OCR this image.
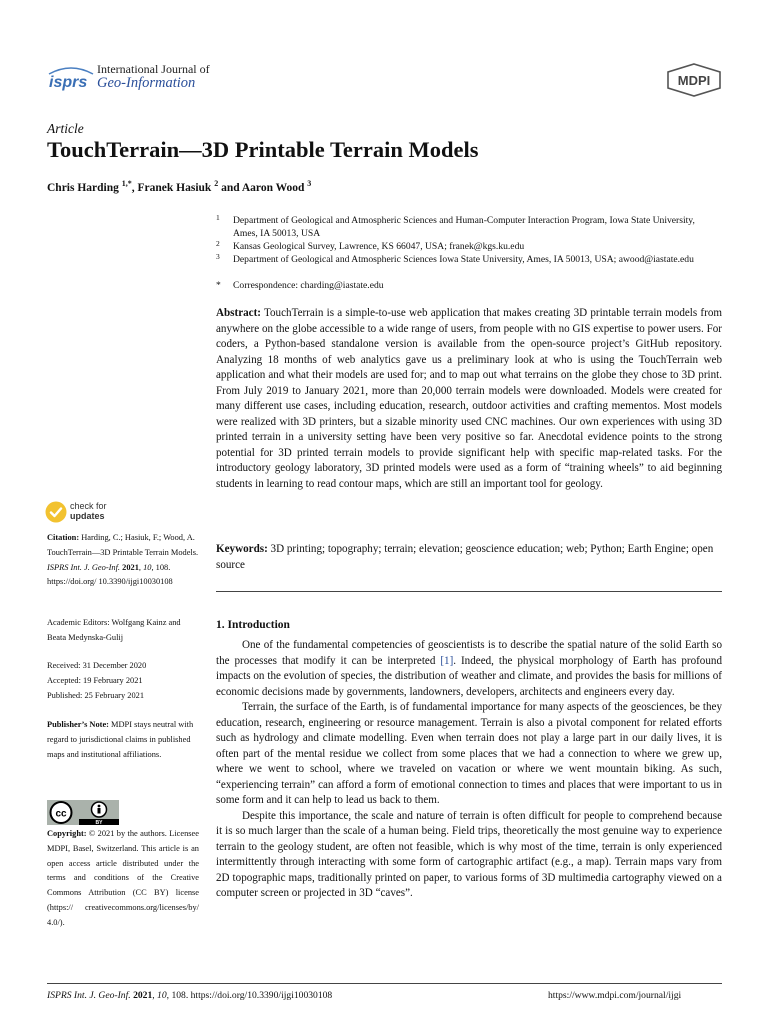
isprs
International Journal of
Geo-Information	MDPI
Article
TouchTerrain—3D Printable Terrain Models
Chris Harding $^{1,*}$, Franek Hasiuk $^2$ and Aaron Wood $^3$
1 Department of Geological and Atmospheric Sciences and Human-Computer Interaction Program, Iowa State University, Ames, IA 50013, USA
2 Kansas Geological Survey, Lawrence, KS 66047, USA; franek@kgs.ku.edu
3 Department of Geological and Atmospheric Sciences Iowa State University, Ames, IA 50013, USA; awood@iastate.edu
* Correspondence: charding@iastate.edu

Abstract: TouchTerrain is a simple-to-use web application that makes creating 3D printable terrain models from anywhere on the globe accessible to a wide range of users, from people with no GIS expertise to power users. For coders, a Python-based standalone version is available from the open-source project’s GitHub repository. Analyzing 18 months of web analytics gave us a preliminary look at who is using the TouchTerrain web application and what their models are used for; and to map out what terrains on the globe they chose to 3D print. From July 2019 to January 2021, more than 20,000 terrain models were downloaded. Models were created for many different use cases, including education, research, outdoor activities and crafting mementos. Most models were realized with 3D printers, but a sizable minority used CNC machines. Our own experiences with using 3D printed terrain in a university setting have been very positive so far. Anecdotal evidence points to the strong potential for 3D printed terrain models to provide significant help with specific map-related tasks. For the introductory geology laboratory, 3D printed models were used as a form of “training wheels” to aid beginning students in learning to read contour maps, which are still an important tool for geology.

Keywords: 3D printing; topography; terrain; elevation; geoscience education; web; Python; Earth Engine; open source

1. Introduction

One of the fundamental competencies of geoscientists is to describe the spatial nature of the solid Earth so the processes that modify it can be interpreted [1]. Indeed, the physical morphology of Earth has profound impacts on the evolution of species, the distribution of weather and climate, and provides the basis for millions of economic decisions made by governments, landowners, developers, architects and engineers every day.

Terrain, the surface of the Earth, is of fundamental importance for many aspects of the geosciences, be they education, research, engineering or resource management. Terrain is also a pivotal component for related efforts such as hydrology and climate modelling. Even when terrain does not play a large part in our daily lives, it is often part of the mental residue we collect from some places that we had a connection to where we grew up, where we went to school, where we traveled on vacation or where we went mountain biking. As such, “experiencing terrain” can afford a form of emotional connection to times and places that were important to us in some form and it can help to lead us back to them.

Despite this importance, the scale and nature of terrain is often difficult for people to comprehend because it is so much larger than the scale of a human being. Field trips, theoretically the most genuine way to experience terrain to the geology student, are often not feasible, which is why most of the time, terrain is only experienced intermittently through interacting with some form of cartographic artifact (e.g., a map). Terrain maps vary from 2D topographic maps, traditionally printed on paper, to various forms of 3D multimedia cartography viewed on a computer screen or projected in 3D “caves”.

check for
updates
Citation: Harding, C.; Hasiuk, F.; Wood, A. TouchTerrain—3D Printable Terrain Models. ISPRS Int. J. Geo-Inf. 2021, 10, 108. https://doi.org/ 10.3390/ijgi10030108
Academic Editors: Wolfgang Kainz and Beata Medynska-Gulij
Received: 31 December 2020
Accepted: 19 February 2021
Published: 25 February 2021
Publisher’s Note: MDPI stays neutral with regard to jurisdictional claims in published maps and institutional affiliations.
cc
BY
Copyright: © 2021 by the authors. Licensee MDPI, Basel, Switzerland. This article is an open access article distributed under the terms and conditions of the Creative Commons Attribution (CC BY) license (https:// creativecommons.org/licenses/by/ 4.0/).
ISPRS Int. J. Geo-Inf. 2021, 10, 108. https://doi.org/10.3390/ijgi10030108	https://www.mdpi.com/journal/ijgi
